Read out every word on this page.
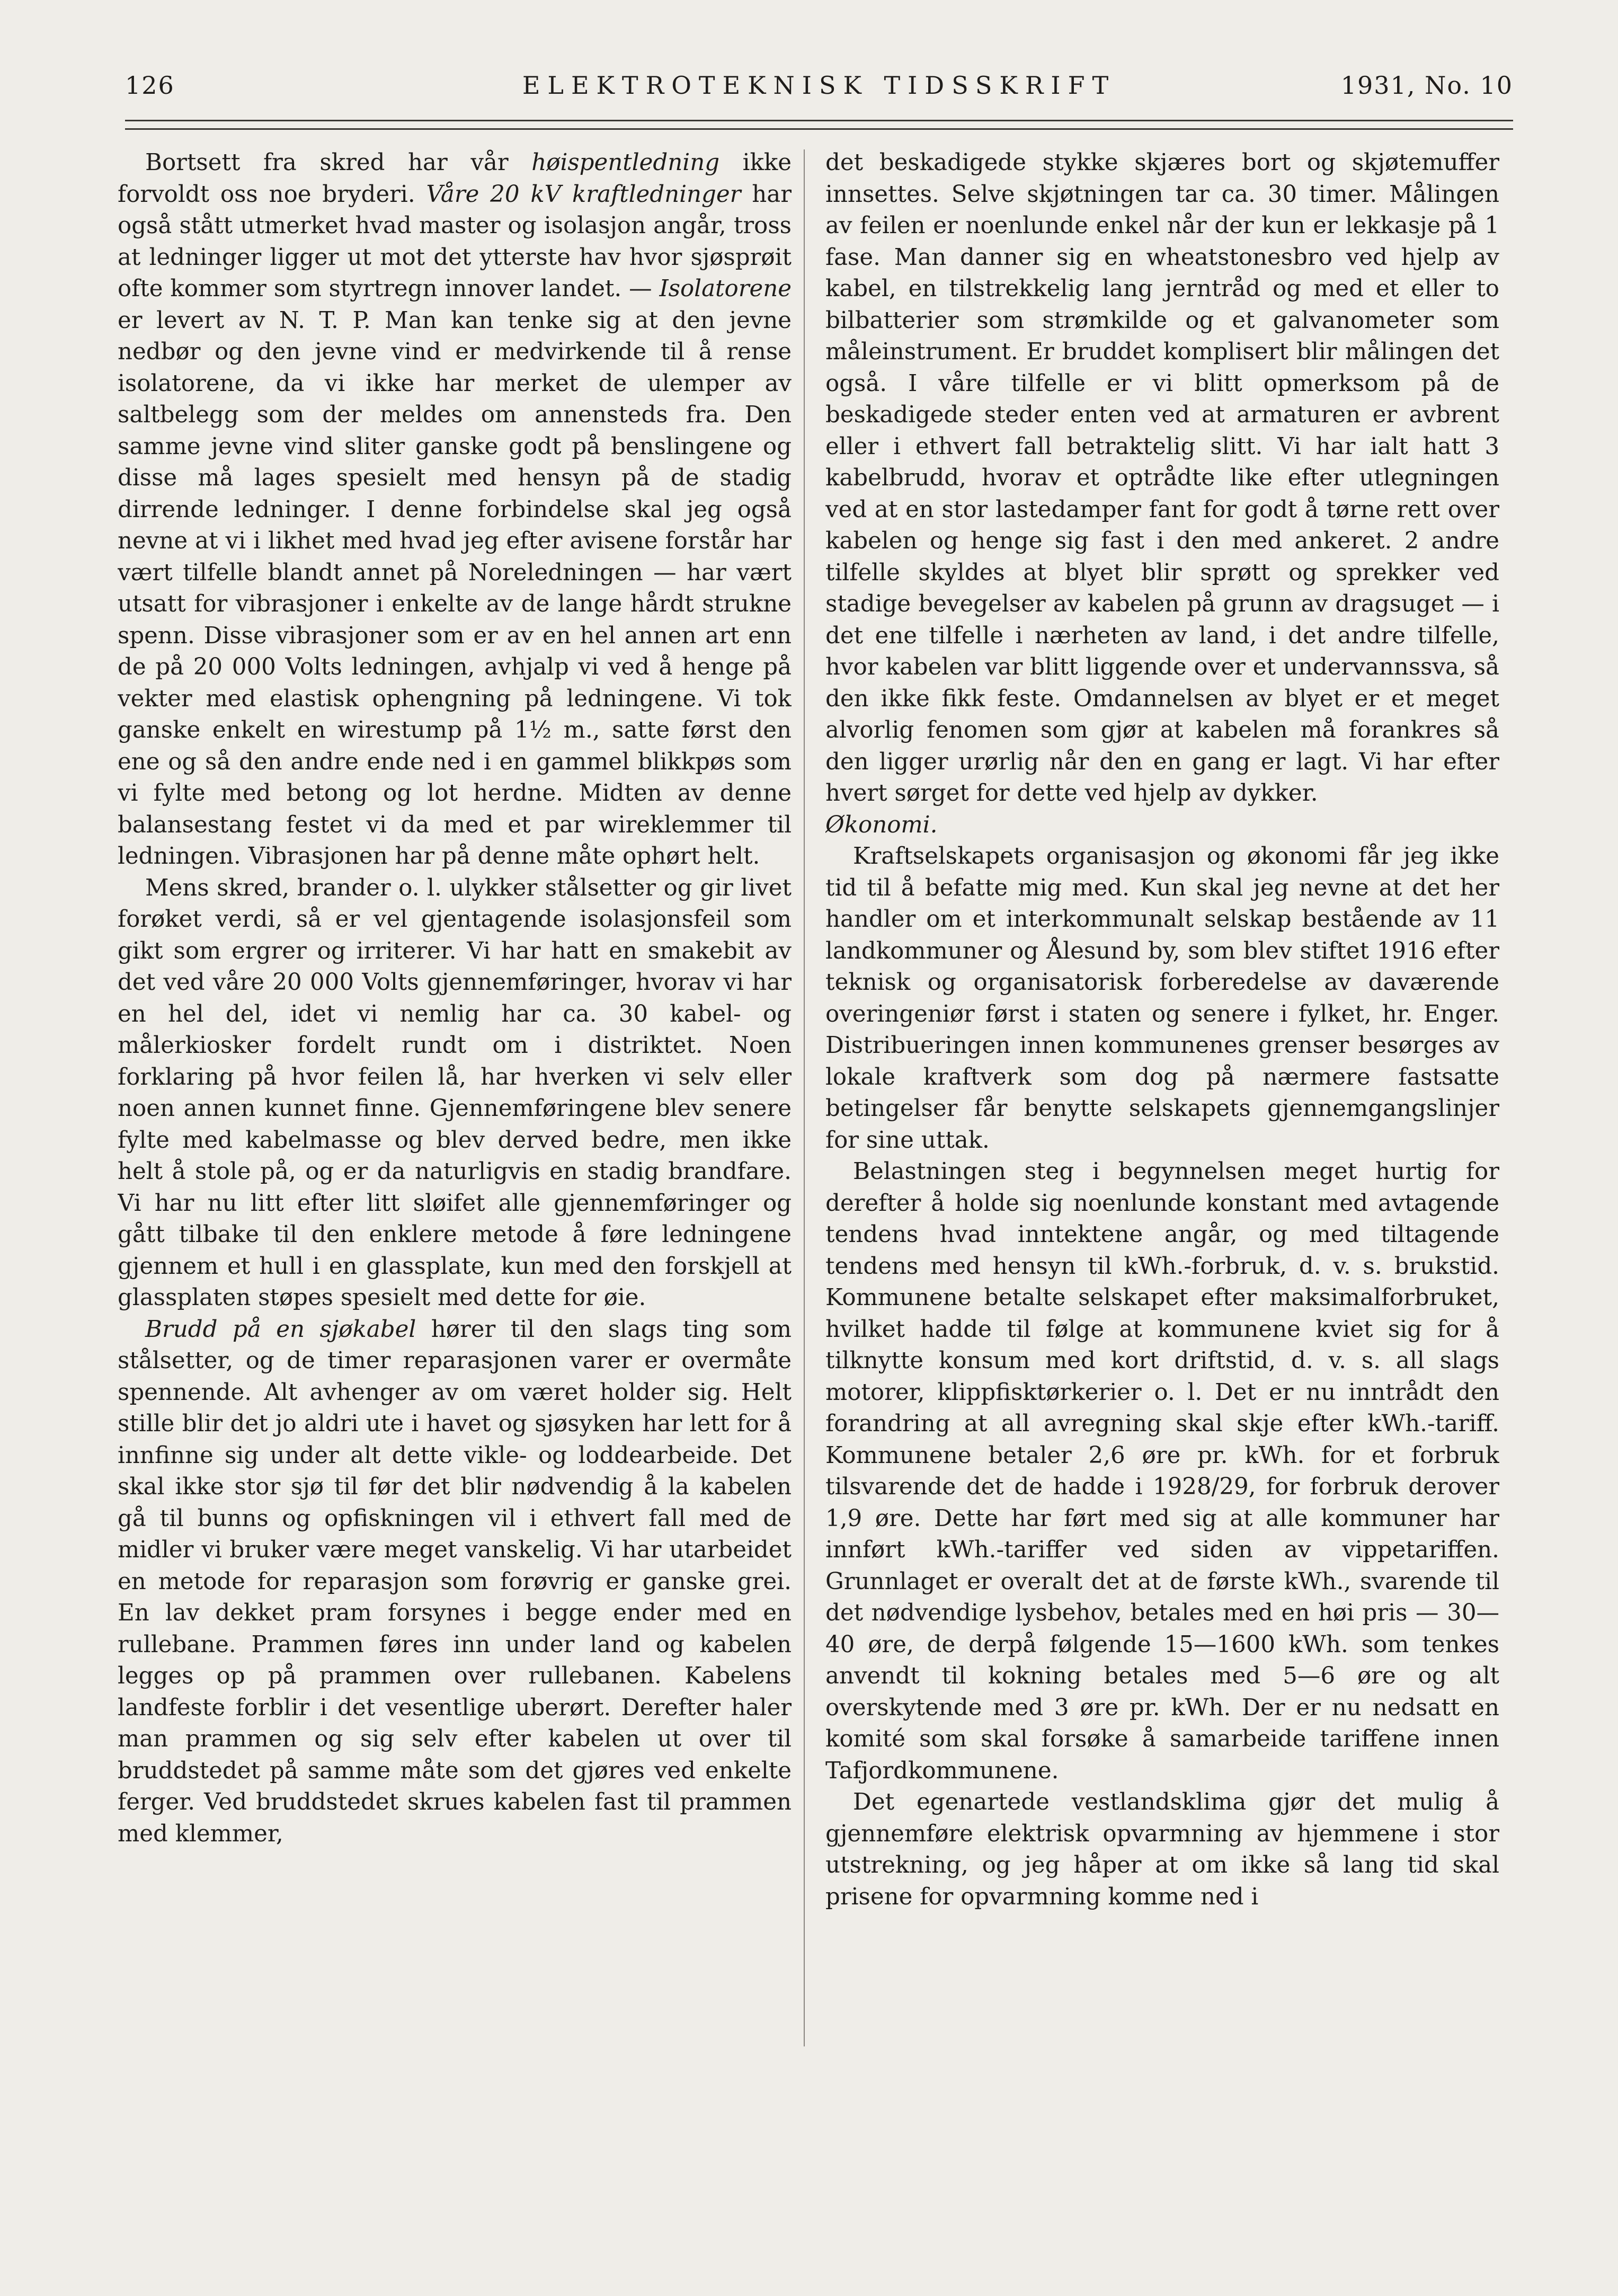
126	ELEKTROTEKNISK TIDSSKRIFT	1931, No. 10

Bortsett fra skred har vår høispentledning ikke forvoldt oss noe bryderi. Våre 20 kV kraftledninger har også stått utmerket hvad master og isolasjon angår, tross at ledninger ligger ut mot det ytterste hav hvor sjøsprøit ofte kommer som styrtregn innover landet. — Isolatorene er levert av N. T. P. Man kan tenke sig at den jevne nedbør og den jevne vind er medvirkende til å rense isolatorene, da vi ikke har merket de ulemper av saltbelegg som der meldes om annensteds fra. Den samme jevne vind sliter ganske godt på benslingene og disse må lages spesielt med hensyn på de stadig dirrende ledninger. I denne forbindelse skal jeg også nevne at vi i likhet med hvad jeg efter avisene forstår har vært tilfelle blandt annet på Noreledningen — har vært utsatt for vibrasjoner i enkelte av de lange hårdt strukne spenn. Disse vibrasjoner som er av en hel annen art enn de på 20 000 Volts ledningen, avhjalp vi ved å henge på vekter med elastisk ophengning på ledningene. Vi tok ganske enkelt en wirestump på 1½ m., satte først den ene og så den andre ende ned i en gammel blikkpøs som vi fylte med betong og lot herdne. Midten av denne balansestang festet vi da med et par wireklemmer til ledningen. Vibrasjonen har på denne måte ophørt helt.

Mens skred, brander o. l. ulykker stålsetter og gir livet forøket verdi, så er vel gjentagende isolasjonsfeil som gikt som ergrer og irriterer. Vi har hatt en smakebit av det ved våre 20 000 Volts gjennemføringer, hvorav vi har en hel del, idet vi nemlig har ca. 30 kabel- og målerkiosker fordelt rundt om i distriktet. Noen forklaring på hvor feilen lå, har hverken vi selv eller noen annen kunnet finne. Gjennemføringene blev senere fylte med kabelmasse og blev derved bedre, men ikke helt å stole på, og er da naturligvis en stadig brandfare. Vi har nu litt efter litt sløifet alle gjennemføringer og gått tilbake til den enklere metode å føre ledningene gjennem et hull i en glassplate, kun med den forskjell at glassplaten støpes spesielt med dette for øie.

Brudd på en sjøkabel hører til den slags ting som stålsetter, og de timer reparasjonen varer er overmåte spennende. Alt avhenger av om været holder sig. Helt stille blir det jo aldri ute i havet og sjøsyken har lett for å innfinne sig under alt dette vikle- og loddearbeide. Det skal ikke stor sjø til før det blir nødvendig å la kabelen gå til bunns og opfiskningen vil i ethvert fall med de midler vi bruker være meget vanskelig. Vi har utarbeidet en metode for reparasjon som forøvrig er ganske grei. En lav dekket pram forsynes i begge ender med en rullebane. Prammen føres inn under land og kabelen legges op på prammen over rullebanen. Kabelens landfeste forblir i det vesentlige uberørt. Derefter haler man prammen og sig selv efter kabelen ut over til bruddstedet på samme måte som det gjøres ved enkelte ferger. Ved bruddstedet skrues kabelen fast til prammen med klemmer,

det beskadigede stykke skjæres bort og skjøtemuffer innsettes. Selve skjøtningen tar ca. 30 timer. Målingen av feilen er noenlunde enkel når der kun er lekkasje på 1 fase. Man danner sig en wheatstonesbro ved hjelp av kabel, en tilstrekkelig lang jerntråd og med et eller to bilbatterier som strømkilde og et galvanometer som måleinstrument. Er bruddet komplisert blir målingen det også. I våre tilfelle er vi blitt opmerksom på de beskadigede steder enten ved at armaturen er avbrent eller i ethvert fall betraktelig slitt. Vi har ialt hatt 3 kabelbrudd, hvorav et optrådte like efter utlegningen ved at en stor lastedamper fant for godt å tørne rett over kabelen og henge sig fast i den med ankeret. 2 andre tilfelle skyldes at blyet blir sprøtt og sprekker ved stadige bevegelser av kabelen på grunn av dragsuget — i det ene tilfelle i nærheten av land, i det andre tilfelle, hvor kabelen var blitt liggende over et undervannssva, så den ikke fikk feste. Omdannelsen av blyet er et meget alvorlig fenomen som gjør at kabelen må forankres så den ligger urørlig når den en gang er lagt. Vi har efter hvert sørget for dette ved hjelp av dykker.

Økonomi.

Kraftselskapets organisasjon og økonomi får jeg ikke tid til å befatte mig med. Kun skal jeg nevne at det her handler om et interkommunalt selskap bestående av 11 landkommuner og Ålesund by, som blev stiftet 1916 efter teknisk og organisatorisk forberedelse av daværende overingeniør først i staten og senere i fylket, hr. Enger. Distribueringen innen kommunenes grenser besørges av lokale kraftverk som dog på nærmere fastsatte betingelser får benytte selskapets gjennemgangslinjer for sine uttak.

Belastningen steg i begynnelsen meget hurtig for derefter å holde sig noenlunde konstant med avtagende tendens hvad inntektene angår, og med tiltagende tendens med hensyn til kWh.-forbruk, d. v. s. brukstid. Kommunene betalte selskapet efter maksimalforbruket, hvilket hadde til følge at kommunene kviet sig for å tilknytte konsum med kort driftstid, d. v. s. all slags motorer, klippfisktørkerier o. l. Det er nu inntrådt den forandring at all avregning skal skje efter kWh.-tariff. Kommunene betaler 2,6 øre pr. kWh. for et forbruk tilsvarende det de hadde i 1928/29, for forbruk derover 1,9 øre. Dette har ført med sig at alle kommuner har innført kWh.-tariffer ved siden av vippetariffen. Grunnlaget er overalt det at de første kWh., svarende til det nødvendige lysbehov, betales med en høi pris — 30—40 øre, de derpå følgende 15—1600 kWh. som tenkes anvendt til kokning betales med 5—6 øre og alt overskytende med 3 øre pr. kWh. Der er nu nedsatt en komité som skal forsøke å samarbeide tariffene innen Tafjordkommunene.

Det egenartede vestlandsklima gjør det mulig å gjennemføre elektrisk opvarmning av hjemmene i stor utstrekning, og jeg håper at om ikke så lang tid skal prisene for opvarmning komme ned i
